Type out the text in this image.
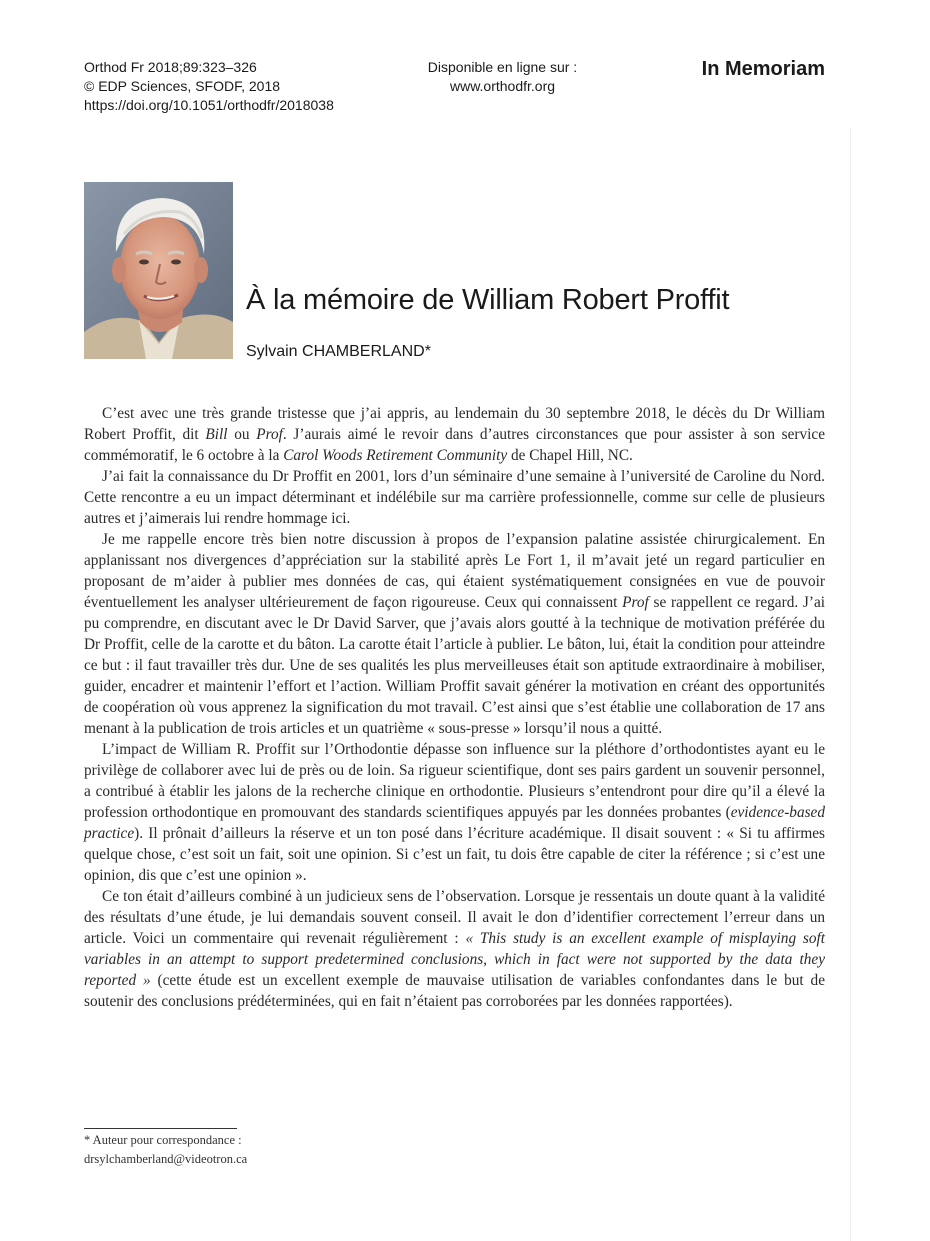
Orthod Fr 2018;89:323–326
© EDP Sciences, SFODF, 2018
https://doi.org/10.1051/orthodfr/2018038
Disponible en ligne sur :
www.orthodfr.org
In Memoriam
À la mémoire de William Robert Proffit
Sylvain CHAMBERLAND*

C’est avec une très grande tristesse que j’ai appris, au lendemain du 30 septembre 2018, le décès du Dr William Robert Proffit, dit Bill ou Prof. J’aurais aimé le revoir dans d’autres circonstances que pour assister à son service commémoratif, le 6 octobre à la Carol Woods Retirement Community de Chapel Hill, NC.

J’ai fait la connaissance du Dr Proffit en 2001, lors d’un séminaire d’une semaine à l’université de Caroline du Nord. Cette rencontre a eu un impact déterminant et indélébile sur ma carrière professionnelle, comme sur celle de plusieurs autres et j’aimerais lui rendre hommage ici.

Je me rappelle encore très bien notre discussion à propos de l’expansion palatine assistée chirurgicalement. En applanissant nos divergences d’appréciation sur la stabilité après Le Fort 1, il m’avait jeté un regard particulier en proposant de m’aider à publier mes données de cas, qui étaient systématiquement consignées en vue de pouvoir éventuellement les analyser ultérieurement de façon rigoureuse. Ceux qui connaissent Prof se rappellent ce regard. J’ai pu comprendre, en discutant avec le Dr David Sarver, que j’avais alors goutté à la technique de motivation préférée du Dr Proffit, celle de la carotte et du bâton. La carotte était l’article à publier. Le bâton, lui, était la condition pour atteindre ce but : il faut travailler très dur. Une de ses qualités les plus merveilleuses était son aptitude extraordinaire à mobiliser, guider, encadrer et maintenir l’effort et l’action. William Proffit savait générer la motivation en créant des opportunités de coopération où vous apprenez la signification du mot travail. C’est ainsi que s’est établie une collaboration de 17 ans menant à la publication de trois articles et un quatrième « sous-presse » lorsqu’il nous a quitté.

L’impact de William R. Proffit sur l’Orthodontie dépasse son influence sur la pléthore d’orthodontistes ayant eu le privilège de collaborer avec lui de près ou de loin. Sa rigueur scientifique, dont ses pairs gardent un souvenir personnel, a contribué à établir les jalons de la recherche clinique en orthodontie. Plusieurs s’entendront pour dire qu’il a élevé la profession orthodontique en promouvant des standards scientifiques appuyés par les données probantes (evidence-based practice). Il prônait d’ailleurs la réserve et un ton posé dans l’écriture académique. Il disait souvent : « Si tu affirmes quelque chose, c’est soit un fait, soit une opinion. Si c’est un fait, tu dois être capable de citer la référence ; si c’est une opinion, dis que c’est une opinion ».

Ce ton était d’ailleurs combiné à un judicieux sens de l’observation. Lorsque je ressentais un doute quant à la validité des résultats d’une étude, je lui demandais souvent conseil. Il avait le don d’identifier correctement l’erreur dans un article. Voici un commentaire qui revenait régulièrement : « This study is an excellent example of misplaying soft variables in an attempt to support predetermined conclusions, which in fact were not supported by the data they reported » (cette étude est un excellent exemple de mauvaise utilisation de variables confondantes dans le but de soutenir des conclusions prédéterminées, qui en fait n’étaient pas corroborées par les données rapportées).

* Auteur pour correspondance :
drsylchamberland@videotron.ca
